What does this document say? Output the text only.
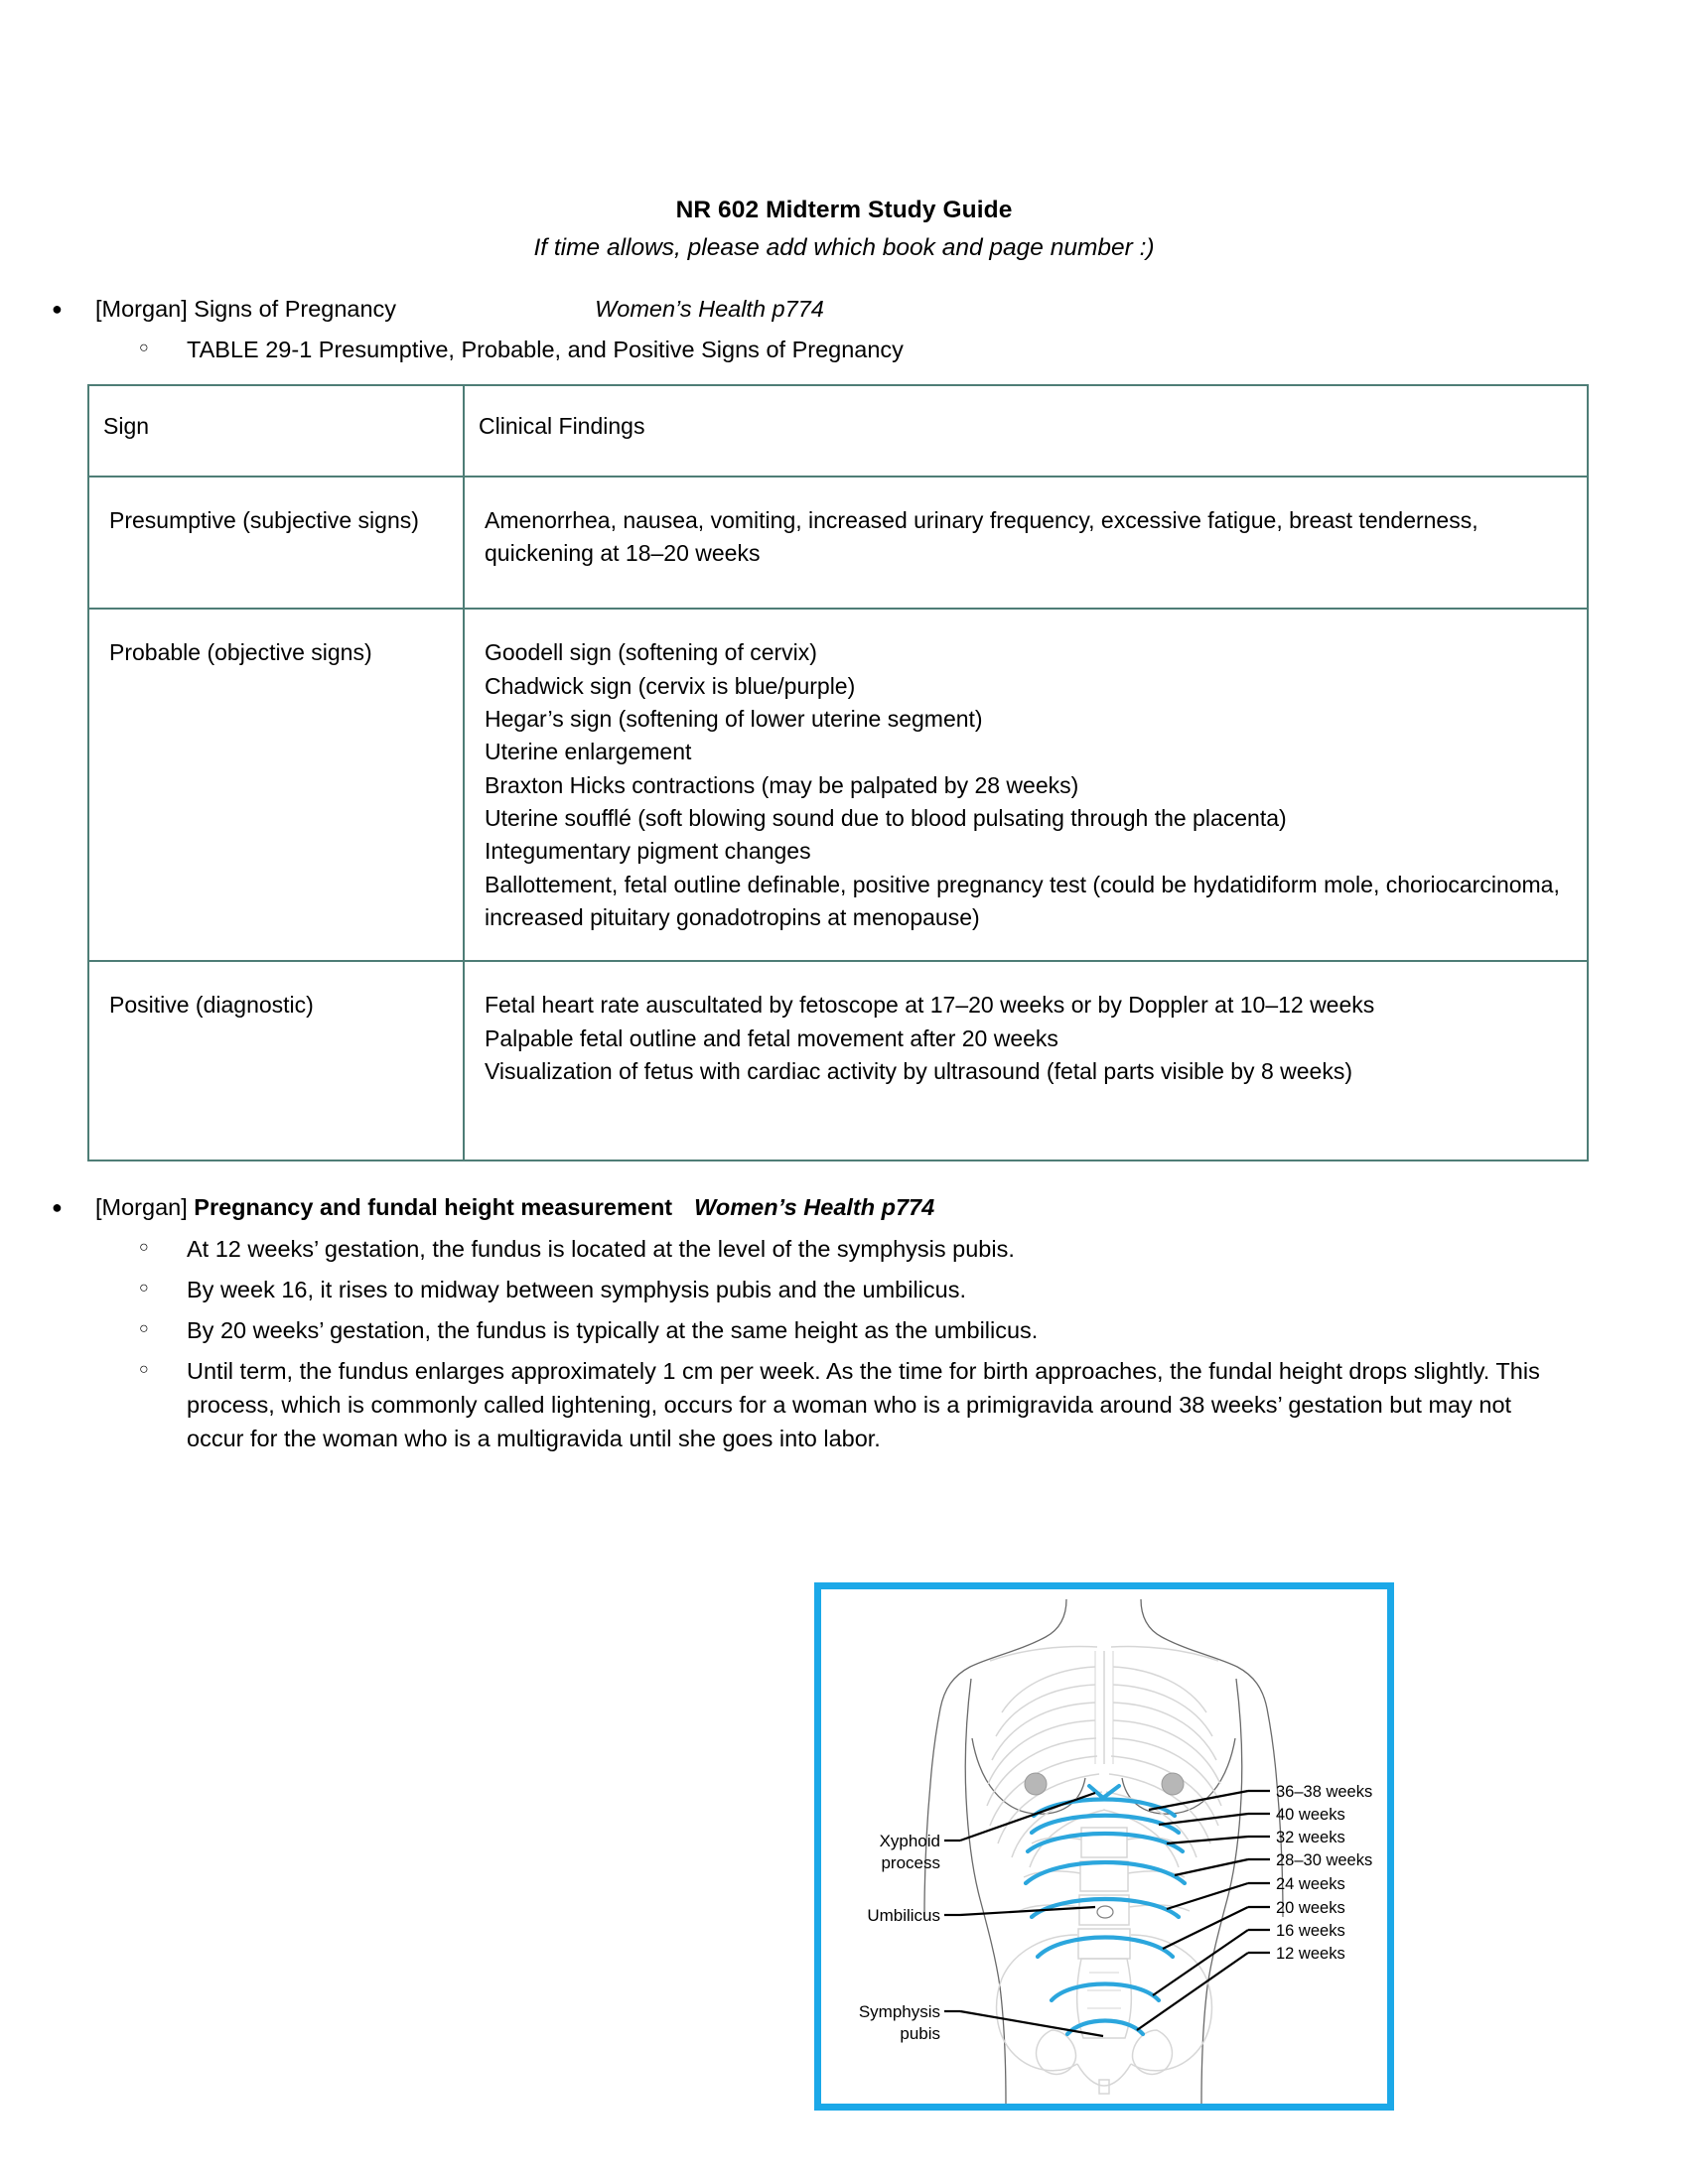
NR 602 Midterm Study Guide
If time allows, please add which book and page number :)
●	[Morgan] Signs of Pregnancy	Women’s Health p774
○	TABLE 29-1 Presumptive, Probable, and Positive Signs of Pregnancy
Sign	Clinical Findings
Presumptive (subjective signs)	Amenorrhea, nausea, vomiting, increased urinary frequency, excessive fatigue, breast tenderness, quickening at 18–20 weeks

Probable (objective signs)	Goodell sign (softening of cervix)
Chadwick sign (cervix is blue/purple)
Hegar’s sign (softening of lower uterine segment)
Uterine enlargement
Braxton Hicks contractions (may be palpated by 28 weeks)
Uterine soufflé (soft blowing sound due to blood pulsating through the placenta)
Integumentary pigment changes
Ballottement, fetal outline definable, positive pregnancy test (could be hydatidiform mole, choriocarcinoma, increased pituitary gonadotropins at menopause)

Positive (diagnostic)	Fetal heart rate auscultated by fetoscope at 17–20 weeks or by Doppler at 10–12 weeks
Palpable fetal outline and fetal movement after 20 weeks
Visualization of fetus with cardiac activity by ultrasound (fetal parts visible by 8 weeks)
●	[Morgan] Pregnancy and fundal height measurement Women’s Health p774
○	At 12 weeks’ gestation, the fundus is located at the level of the symphysis pubis.
○	By week 16, it rises to midway between symphysis pubis and the umbilicus.
○	By 20 weeks’ gestation, the fundus is typically at the same height as the umbilicus.
○	Until term, the fundus enlarges approximately 1 cm per week. As the time for birth approaches, the fundal height drops slightly. This process, which is commonly called lightening, occurs for a woman who is a primigravida around 38 weeks’ gestation but may not occur for the woman who is a multigravida until she goes into labor.
36–38 weeks
40 weeks
32 weeks
28–30 weeks
24 weeks
20 weeks
16 weeks
12 weeks
Xyphoid
process
Umbilicus
Symphysis
pubis
